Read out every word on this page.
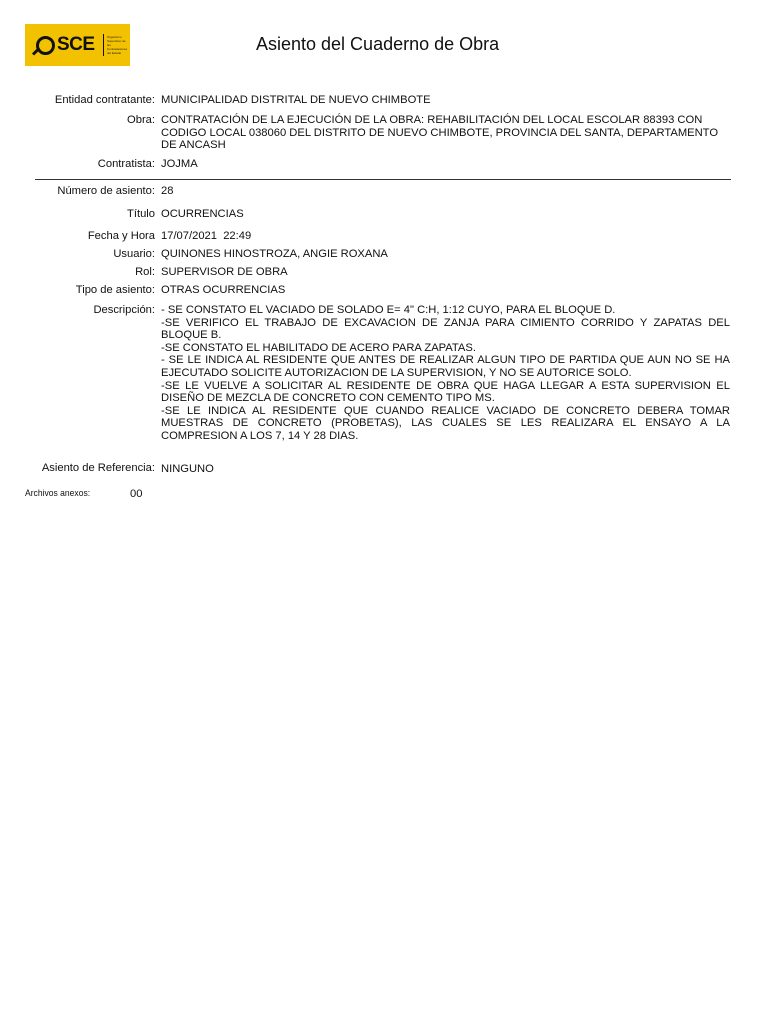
SCE	Organismo Supervisor de las Contrataciones del Estado	Asiento del Cuaderno de Obra
Entidad contratante: MUNICIPALIDAD DISTRITAL DE NUEVO CHIMBOTE
Obra: CONTRATACIÓN DE LA EJECUCIÓN DE LA OBRA: REHABILITACIÓN DEL LOCAL ESCOLAR 88393 CON CODIGO LOCAL 038060 DEL DISTRITO DE NUEVO CHIMBOTE, PROVINCIA DEL SANTA, DEPARTAMENTO DE ANCASH
Contratista: JOJMA
Número de asiento: 28
Título OCURRENCIAS
Fecha y Hora 17/07/2021  22:49
Usuario: QUINONES HINOSTROZA, ANGIE ROXANA
Rol: SUPERVISOR DE OBRA
Tipo de asiento: OTRAS OCURRENCIAS
Descripción: - SE CONSTATO EL VACIADO DE SOLADO E= 4" C:H, 1:12 CUYO, PARA EL BLOQUE D.

-SE VERIFICO EL TRABAJO DE EXCAVACION DE ZANJA PARA CIMIENTO CORRIDO Y ZAPATAS DEL BLOQUE B.

-SE CONSTATO EL HABILITADO DE ACERO PARA ZAPATAS.

- SE LE INDICA AL RESIDENTE QUE ANTES DE REALIZAR ALGUN TIPO DE PARTIDA QUE AUN NO SE HA EJECUTADO SOLICITE AUTORIZACION DE LA SUPERVISION, Y NO SE AUTORICE SOLO.

-SE LE VUELVE A SOLICITAR AL RESIDENTE DE OBRA QUE HAGA LLEGAR A ESTA SUPERVISION EL DISEÑO DE MEZCLA DE CONCRETO CON CEMENTO TIPO MS.

-SE LE INDICA AL RESIDENTE QUE CUANDO REALICE VACIADO DE CONCRETO DEBERA TOMAR MUESTRAS DE CONCRETO (PROBETAS), LAS CUALES SE LES REALIZARA EL ENSAYO A LA COMPRESION A LOS 7, 14 Y 28 DIAS.

Asiento de Referencia: NINGUNO
Archivos anexos:	00
